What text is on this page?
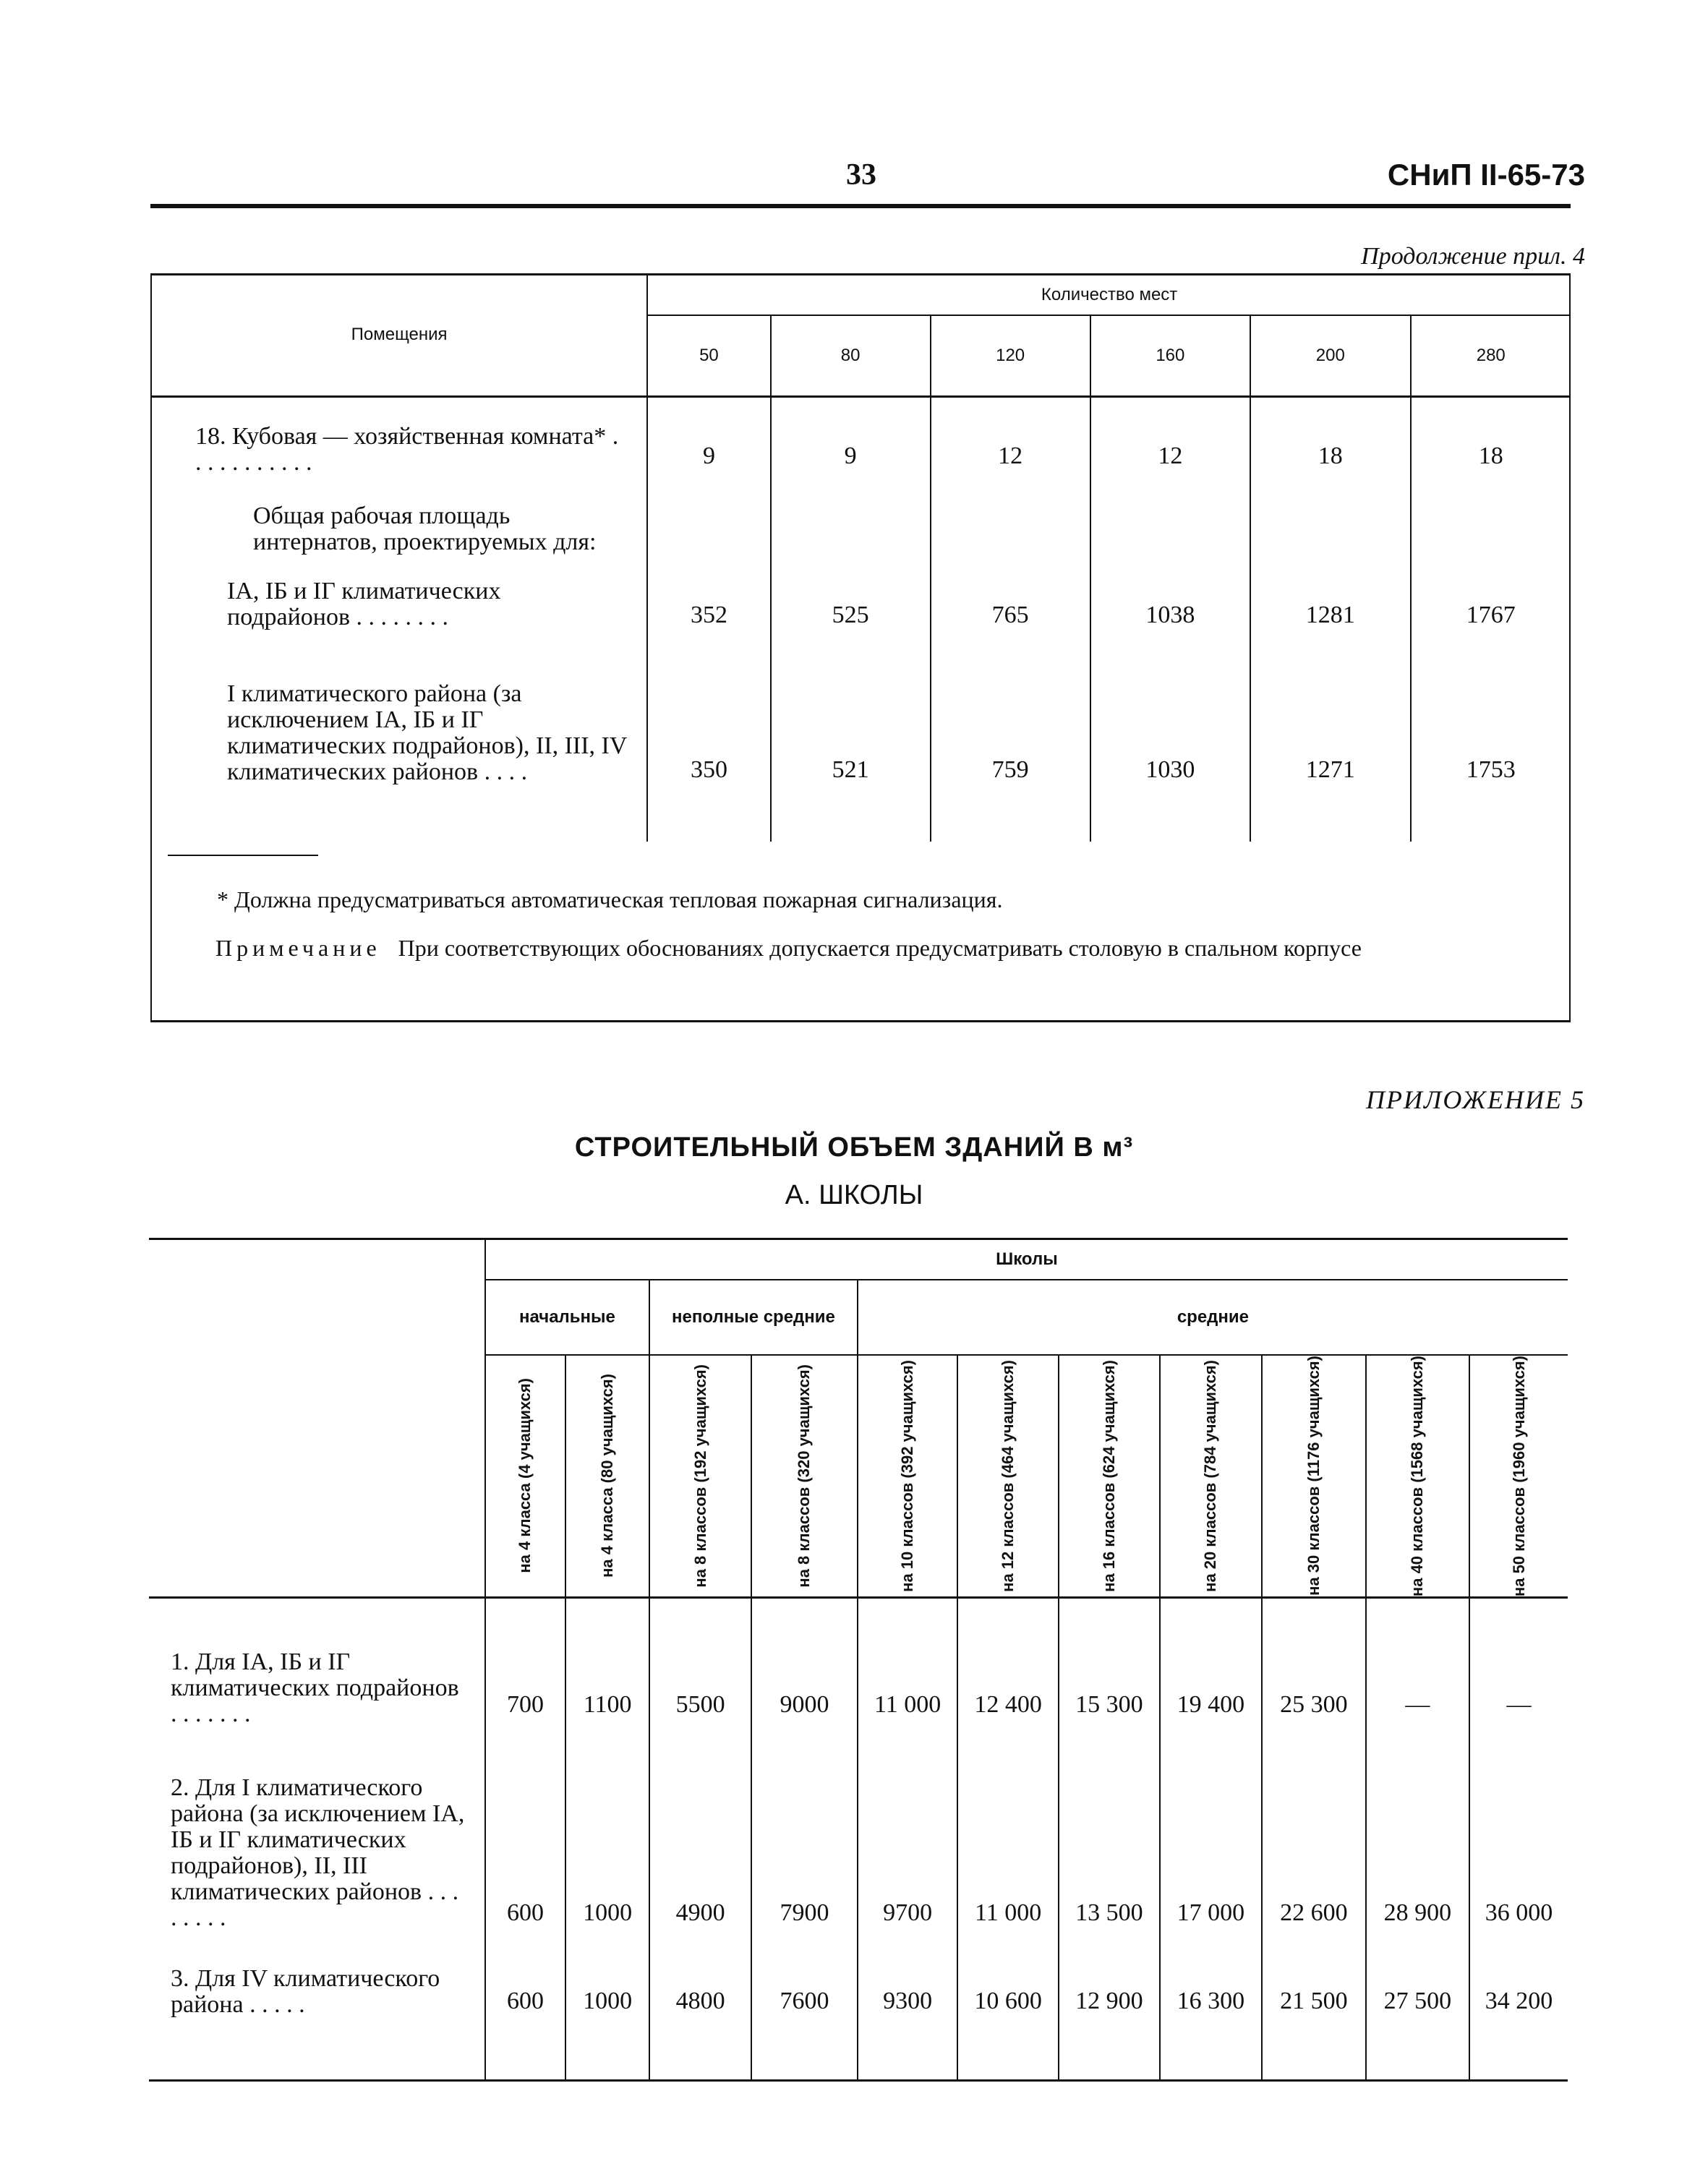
33	СНиП II-65-73
Продолжение прил. 4
Помещения	Количество мест					
	50	80	120	160	200	280
18. Кубовая — хозяйственная комната* . . . . . . . . . . .	9	9	12	12	18	18
Общая рабочая площадь интернатов, проектируемых для:						
IA, IБ и IГ климатических подрайонов . . . . . . . .	352	525	765	1038	1281	1767
I климатического района (за исключением IA, IБ и IГ климатических подрайонов), II, III, IV климатических районов . . . .	350	521	759	1030	1271	1753

* Должна предусматриваться автоматическая тепловая пожарная сигнализация.
Примечание При соответствующих обоснованиях допускается предусматривать столовую в спальном корпусе
ПРИЛОЖЕНИЕ 5
СТРОИТЕЛЬНЫЙ ОБЪЕМ ЗДАНИЙ В м³
А. ШКОЛЫ
	Школы										
	начальные		неполные средние		средние						

	на 4 класса (4 учащихся)	на 4 класса (80 учащихся)	на 8 классов (192 учащихся)	на 8 классов (320 учащихся)	на 10 классов (392 учащихся)	на 12 классов (464 учащихся)	на 16 классов (624 учащихся)	на 20 классов (784 учащихся)	на 30 классов (1176 учащихся)	на 40 классов (1568 учащихся)	на 50 классов (1960 учащихся)

1. Для IA, IБ и IГ климатических подрайонов . . . . . . .	700	1100	5500	9000	11 000	12 400	15 300	19 400	25 300	—	—
2. Для I климатического района (за исключением IA, IБ и IГ климатических подрайонов), II, III климатических районов . . . . . . . .	600	1000	4900	7900	9700	11 000	13 500	17 000	22 600	28 900	36 000
3. Для IV климатического района . . . . .	600	1000	4800	7600	9300	10 600	12 900	16 300	21 500	27 500	34 200
